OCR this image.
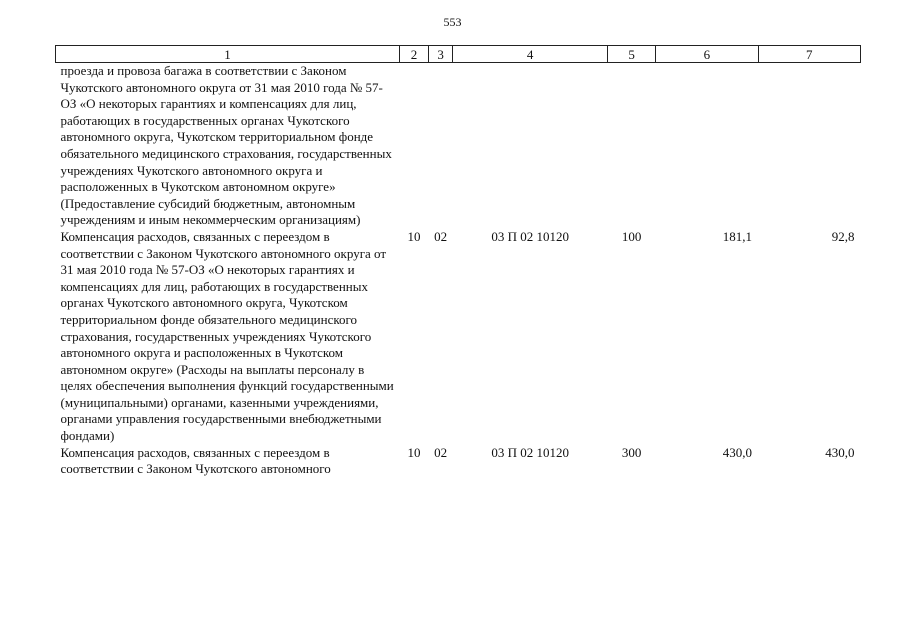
553
1	2	3	4	5	6	7
проезда и провоза багажа в соответствии с Законом Чукотского автономного округа от 31 мая 2010 года № 57-ОЗ «О некоторых гарантиях и компенсациях для лиц, работающих в государственных органах Чукотского автономного округа, Чукотском территориальном фонде обязательного медицинского страхования, государственных учреждениях Чукотского автономного округа и расположенных в Чукотском автономном округе» (Предоставление субсидий бюджетным, автономным учреждениям и иным некоммерческим организациям)						
Компенсация расходов, связанных с переездом в соответствии с Законом Чукотского автономного округа от 31 мая 2010 года № 57-ОЗ «О некоторых гарантиях и компенсациях для лиц, работающих в государственных органах Чукотского автономного округа, Чукотском территориальном фонде обязательного медицинского страхования, государственных учреждениях Чукотского автономного округа и расположенных в Чукотском автономном округе» (Расходы на выплаты персоналу в целях обеспечения выполнения функций государственными (муниципальными) органами, казенными учреждениями, органами управления государственными внебюджетными фондами)	10	02	03 П 02 10120	100	181,1	92,8
Компенсация расходов, связанных с переездом в соответствии с Законом Чукотского автономного	10	02	03 П 02 10120	300	430,0	430,0
